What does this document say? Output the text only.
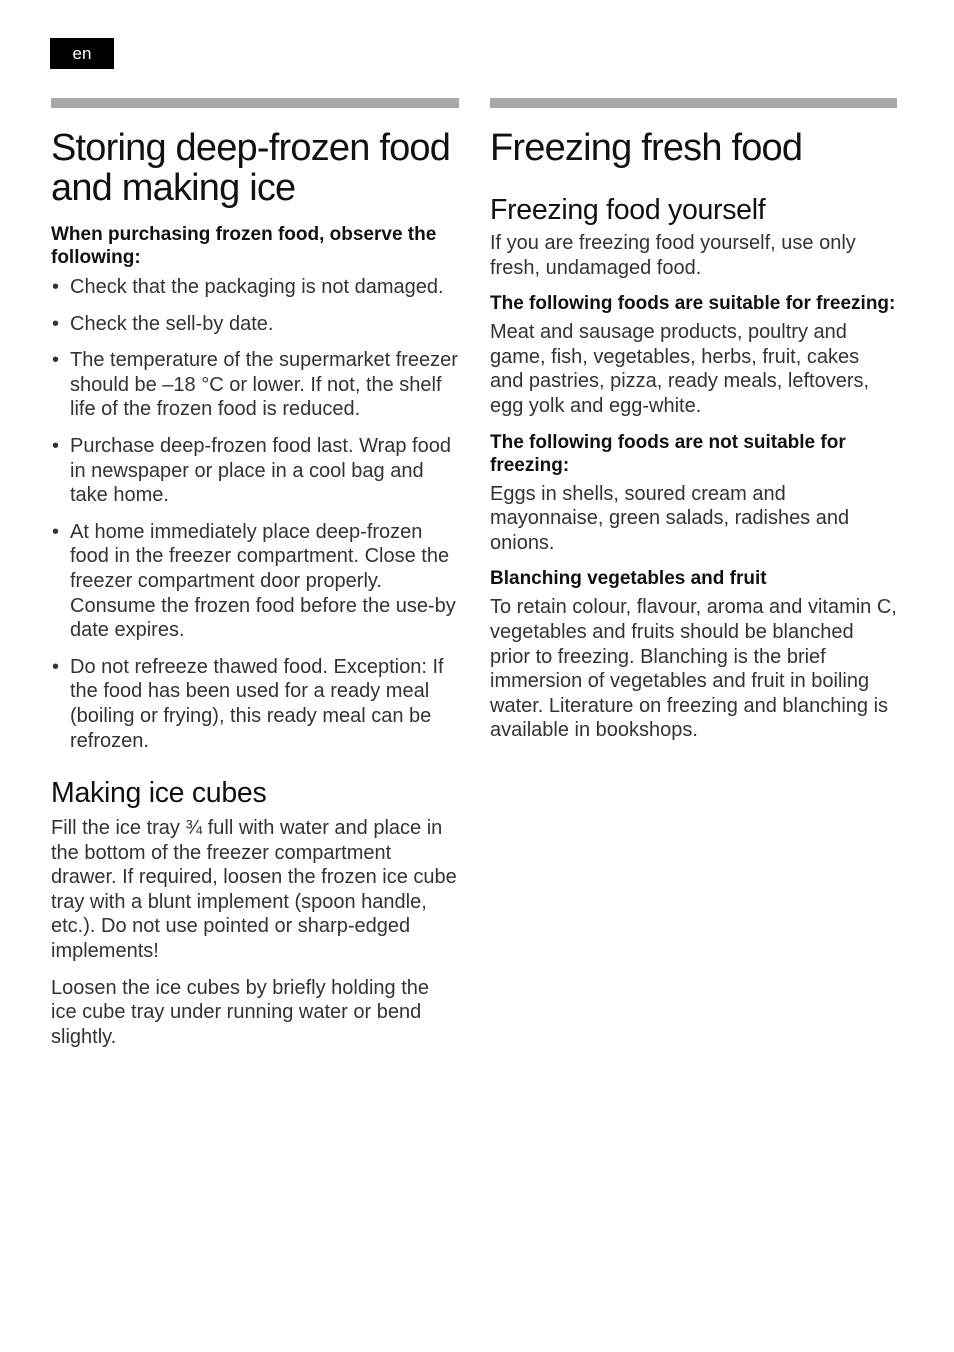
en
Storing deep-frozen food and making ice

When purchasing frozen food, observe the following:

• Check that the packaging is not damaged.
• Check the sell-by date.
• The temperature of the supermarket freezer should be –18 °C or lower. If not, the shelf life of the frozen food is reduced.
• Purchase deep-frozen food last. Wrap food in newspaper or place in a cool bag and take home.
• At home immediately place deep-frozen food in the freezer compartment. Close the freezer compartment door properly. Consume the frozen food before the use-by date expires.
• Do not refreeze thawed food. Exception: If the food has been used for a ready meal (boiling or frying), this ready meal can be refrozen.
Making ice cubes

Fill the ice tray ¾ full with water and place in the bottom of the freezer compartment drawer. If required, loosen the frozen ice cube tray with a blunt implement (spoon handle, etc.). Do not use pointed or sharp-edged implements!

Loosen the ice cubes by briefly holding the ice cube tray under running water or bend slightly.

Freezing fresh food
Freezing food yourself

If you are freezing food yourself, use only fresh, undamaged food.

The following foods are suitable for freezing:

Meat and sausage products, poultry and game, fish, vegetables, herbs, fruit, cakes and pastries, pizza, ready meals, leftovers, egg yolk and egg-white.

The following foods are not suitable for freezing:

Eggs in shells, soured cream and mayonnaise, green salads, radishes and onions.

Blanching vegetables and fruit

To retain colour, flavour, aroma and vitamin C, vegetables and fruits should be blanched prior to freezing. Blanching is the brief immersion of vegetables and fruit in boiling water. Literature on freezing and blanching is available in bookshops.
